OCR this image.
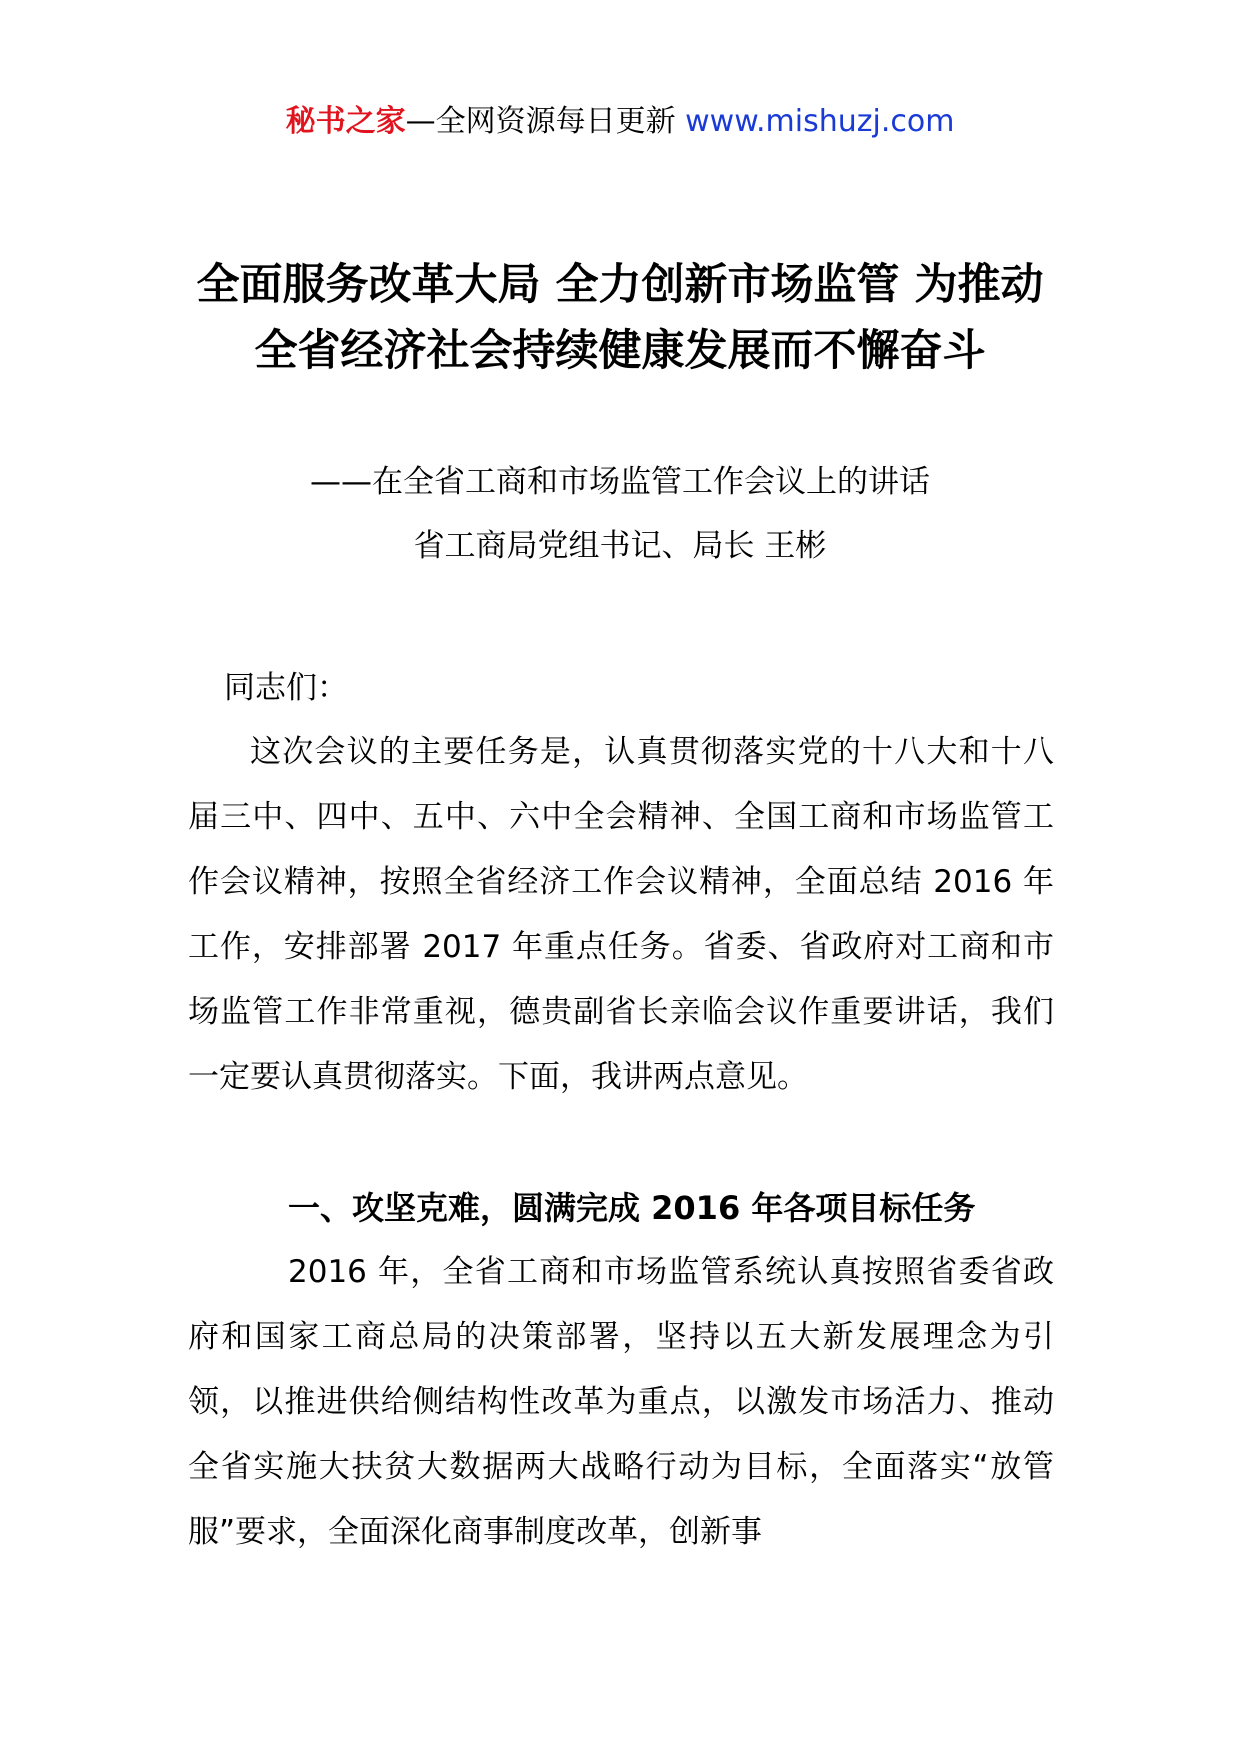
秘书之家—全网资源每日更新 www.mishuzj.com
全面服务改革大局 全力创新市场监管 为推动全省经济社会持续健康发展而不懈奋斗
——在全省工商和市场监管工作会议上的讲话
省工商局党组书记、局长 王彬
同志们：
这次会议的主要任务是，认真贯彻落实党的十八大和十八届三中、四中、五中、六中全会精神、全国工商和市场监管工作会议精神，按照全省经济工作会议精神，全面总结 2016 年工作，安排部署 2017 年重点任务。省委、省政府对工商和市场监管工作非常重视，德贵副省长亲临会议作重要讲话，我们一定要认真贯彻落实。下面，我讲两点意见。
一、攻坚克难，圆满完成 2016 年各项目标任务
2016 年，全省工商和市场监管系统认真按照省委省政府和国家工商总局的决策部署，坚持以五大新发展理念为引领，以推进供给侧结构性改革为重点，以激发市场活力、推动全省实施大扶贫大数据两大战略行动为目标，全面落实“放管服”要求，全面深化商事制度改革，创新事
